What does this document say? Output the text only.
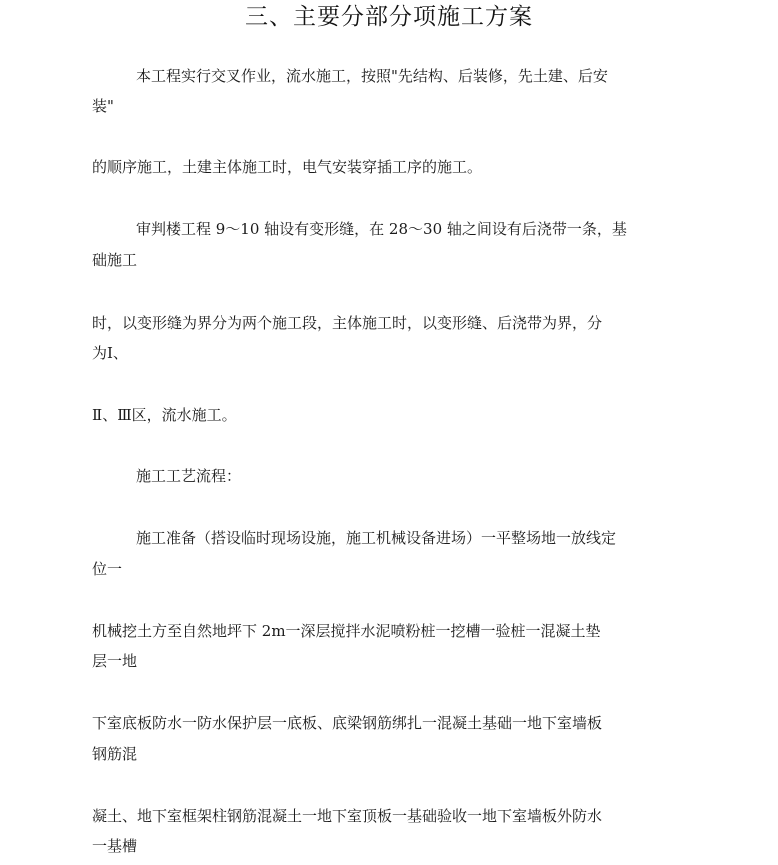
三、主要分部分项施工方案
本工程实行交叉作业，流水施工，按照"先结构、后装修，先土建、后安
装"
的顺序施工，土建主体施工时，电气安装穿插工序的施工。
审判楼工程 9～10 轴设有变形缝，在 28～30 轴之间设有后浇带一条，基
础施工
时，以变形缝为界分为两个施工段，主体施工时，以变形缝、后浇带为界，分
为Ⅰ、
Ⅱ、Ⅲ区，流水施工。
施工工艺流程：
施工准备（搭设临时现场设施，施工机械设备进场）一平整场地一放线定
位一
机械挖土方至自然地坪下 2m一深层搅拌水泥喷粉桩一挖槽一验桩一混凝土垫
层一地
下室底板防水一防水保护层一底板、底梁钢筋绑扎一混凝土基础一地下室墙板
钢筋混
凝土、地下室框架柱钢筋混凝土一地下室顶板一基础验收一地下室墙板外防水
一基槽
